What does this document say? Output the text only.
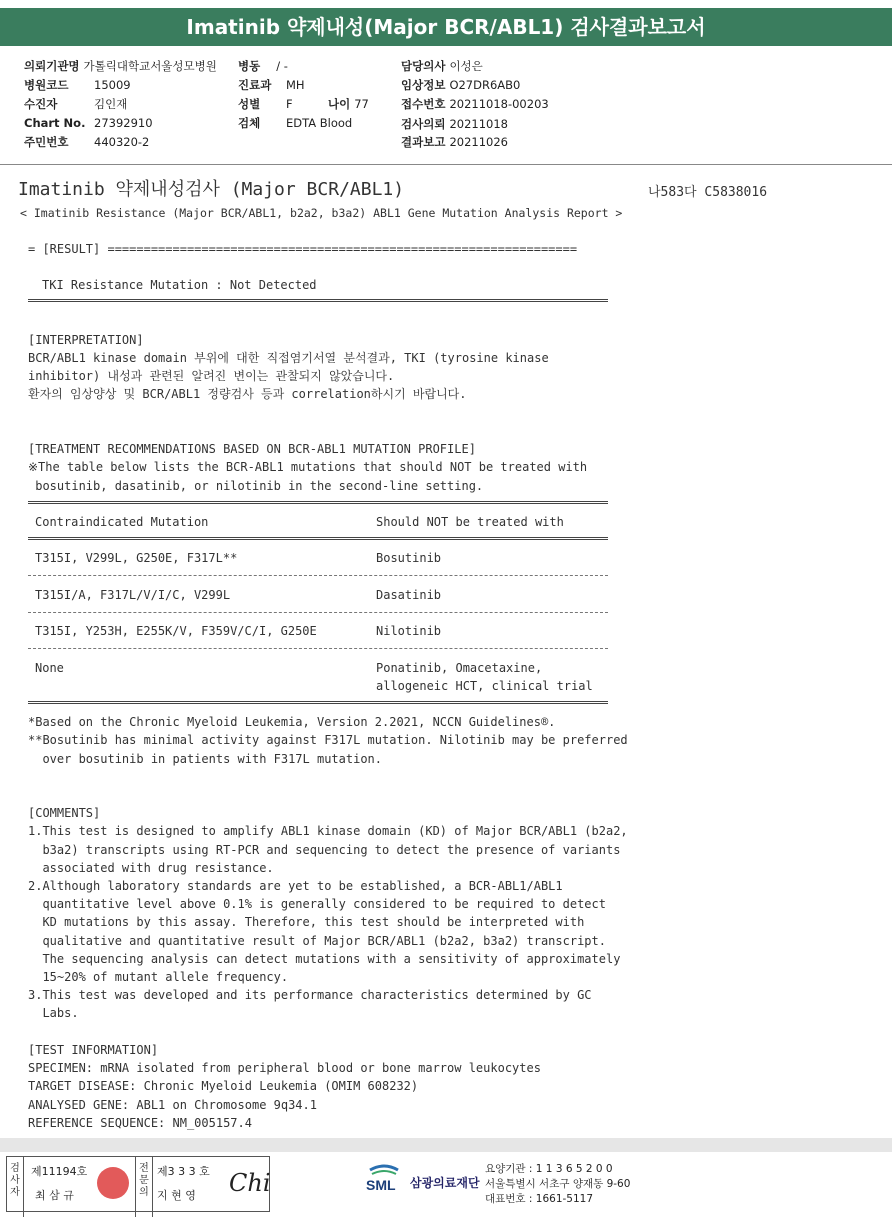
Imatinib 약제내성(Major BCR/ABL1) 검사결과보고서
의뢰기관명 가톨릭대학교서울성모병원 병동 / -
병원코드 15009	진료과 MH
수진자	김인재	성별 F	나이 77
Chart No. 27392910	검체 EDTA Blood
주민번호 440320-2
담당의사 이성은
임상정보 O27DR6AB0
접수번호 20211018-00203
검사의뢰 20211018
결과보고 20211026
Imatinib 약제내성검사 (Major BCR/ABL1)	나583다 C5838016
< Imatinib Resistance (Major BCR/ABL1, b2a2, b3a2) ABL1 Gene Mutation Analysis Report >
= [RESULT] =================================================================
TKI Resistance Mutation : Not Detected
[INTERPRETATION]
BCR/ABL1 kinase domain 부위에 대한 직접염기서열 분석결과, TKI (tyrosine kinase
inhibitor) 내성과 관련된 알려진 변이는 관찰되지 않았습니다.
환자의 임상양상 및 BCR/ABL1 정량검사 등과 correlation하시기 바랍니다.
[TREATMENT RECOMMENDATIONS BASED ON BCR-ABL1 MUTATION PROFILE]
※The table below lists the BCR-ABL1 mutations that should NOT be treated with
bosutinib, dasatinib, or nilotinib in the second-line setting.
Contraindicated Mutation	Should NOT be treated with
T315I, V299L, G250E, F317L**	Bosutinib
T315I/A, F317L/V/I/C, V299L	Dasatinib
T315I, Y253H, E255K/V, F359V/C/I, G250E	Nilotinib
None	Ponatinib, Omacetaxine,
allogeneic HCT, clinical trial
*Based on the Chronic Myeloid Leukemia, Version 2.2021, NCCN Guidelines®.
**Bosutinib has minimal activity against F317L mutation. Nilotinib may be preferred
over bosutinib in patients with F317L mutation.
[COMMENTS]
1.This test is designed to amplify ABL1 kinase domain (KD) of Major BCR/ABL1 (b2a2,
b3a2) transcripts using RT-PCR and sequencing to detect the presence of variants
associated with drug resistance.
2.Although laboratory standards are yet to be established, a BCR-ABL1/ABL1
quantitative level above 0.1% is generally considered to be required to detect
KD mutations by this assay. Therefore, this test should be interpreted with
qualitative and quantitative result of Major BCR/ABL1 (b2a2, b3a2) transcript.
The sequencing analysis can detect mutations with a sensitivity of approximately
15~20% of mutant allele frequency.
3.This test was developed and its performance characteristics determined by GC
Labs.
[TEST INFORMATION]
SPECIMEN: mRNA isolated from peripheral blood or bone marrow leukocytes
TARGET DISEASE: Chronic Myeloid Leukemia (OMIM 608232)
ANALYSED GENE: ABL1 on Chromosome 9q34.1
REFERENCE SEQUENCE: NM_005157.4
검사자
제11194호
최 삼 규
전문의
제3 3 3 호
지 현 영 Chi	SML 삼광의료재단
요양기관 : 1 1 3 6 5 2 0 0
서울특별시 서초구 양재동 9-60
대표번호 : 1661-5117
